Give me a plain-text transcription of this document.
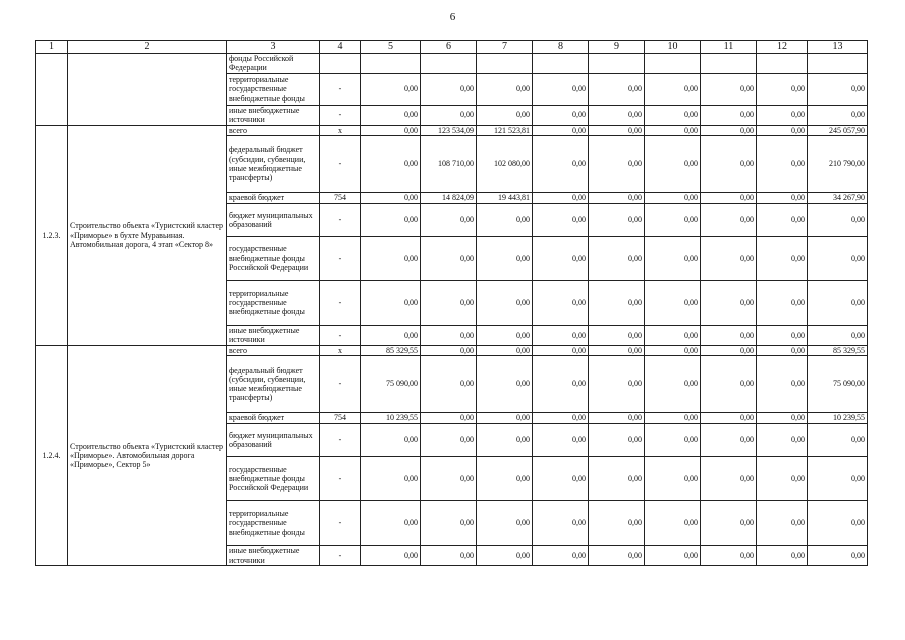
6
1	2	3	4	5	6	7	8	9	10	11	12	13
		фонды Российской Федерации										
		территориальные государственные внебюджетные фонды	-	0,00	0,00	0,00	0,00	0,00	0,00	0,00	0,00	0,00
		иные внебюджетные источники	-	0,00	0,00	0,00	0,00	0,00	0,00	0,00	0,00	0,00
1.2.3.	Строительство объекта «Туристский кластер «Приморье» в бухте Муравьиная. Автомобильная дорога, 4 этап «Сектор 8»	всего	х	0,00	123 534,09	121 523,81	0,00	0,00	0,00	0,00	0,00	245 057,90
		федеральный бюджет (субсидии, субвенции, иные межбюджетные трансферты)	-	0,00	108 710,00	102 080,00	0,00	0,00	0,00	0,00	0,00	210 790,00
		краевой бюджет	754	0,00	14 824,09	19 443,81	0,00	0,00	0,00	0,00	0,00	34 267,90
		бюджет муниципальных образований	-	0,00	0,00	0,00	0,00	0,00	0,00	0,00	0,00	0,00
		государственные внебюджетные фонды Российской Федерации	-	0,00	0,00	0,00	0,00	0,00	0,00	0,00	0,00	0,00
		территориальные государственные внебюджетные фонды	-	0,00	0,00	0,00	0,00	0,00	0,00	0,00	0,00	0,00
		иные внебюджетные источники	-	0,00	0,00	0,00	0,00	0,00	0,00	0,00	0,00	0,00
1.2.4.	Строительство объекта «Туристский кластер «Приморье». Автомобильная дорога «Приморье», Сектор 5»	всего	х	85 329,55	0,00	0,00	0,00	0,00	0,00	0,00	0,00	85 329,55
		федеральный бюджет (субсидии, субвенции, иные межбюджетные трансферты)	-	75 090,00	0,00	0,00	0,00	0,00	0,00	0,00	0,00	75 090,00
		краевой бюджет	754	10 239,55	0,00	0,00	0,00	0,00	0,00	0,00	0,00	10 239,55
		бюджет муниципальных образований	-	0,00	0,00	0,00	0,00	0,00	0,00	0,00	0,00	0,00
		государственные внебюджетные фонды Российской Федерации	-	0,00	0,00	0,00	0,00	0,00	0,00	0,00	0,00	0,00
		территориальные государственные внебюджетные фонды	-	0,00	0,00	0,00	0,00	0,00	0,00	0,00	0,00	0,00
		иные внебюджетные источники	-	0,00	0,00	0,00	0,00	0,00	0,00	0,00	0,00	0,00
